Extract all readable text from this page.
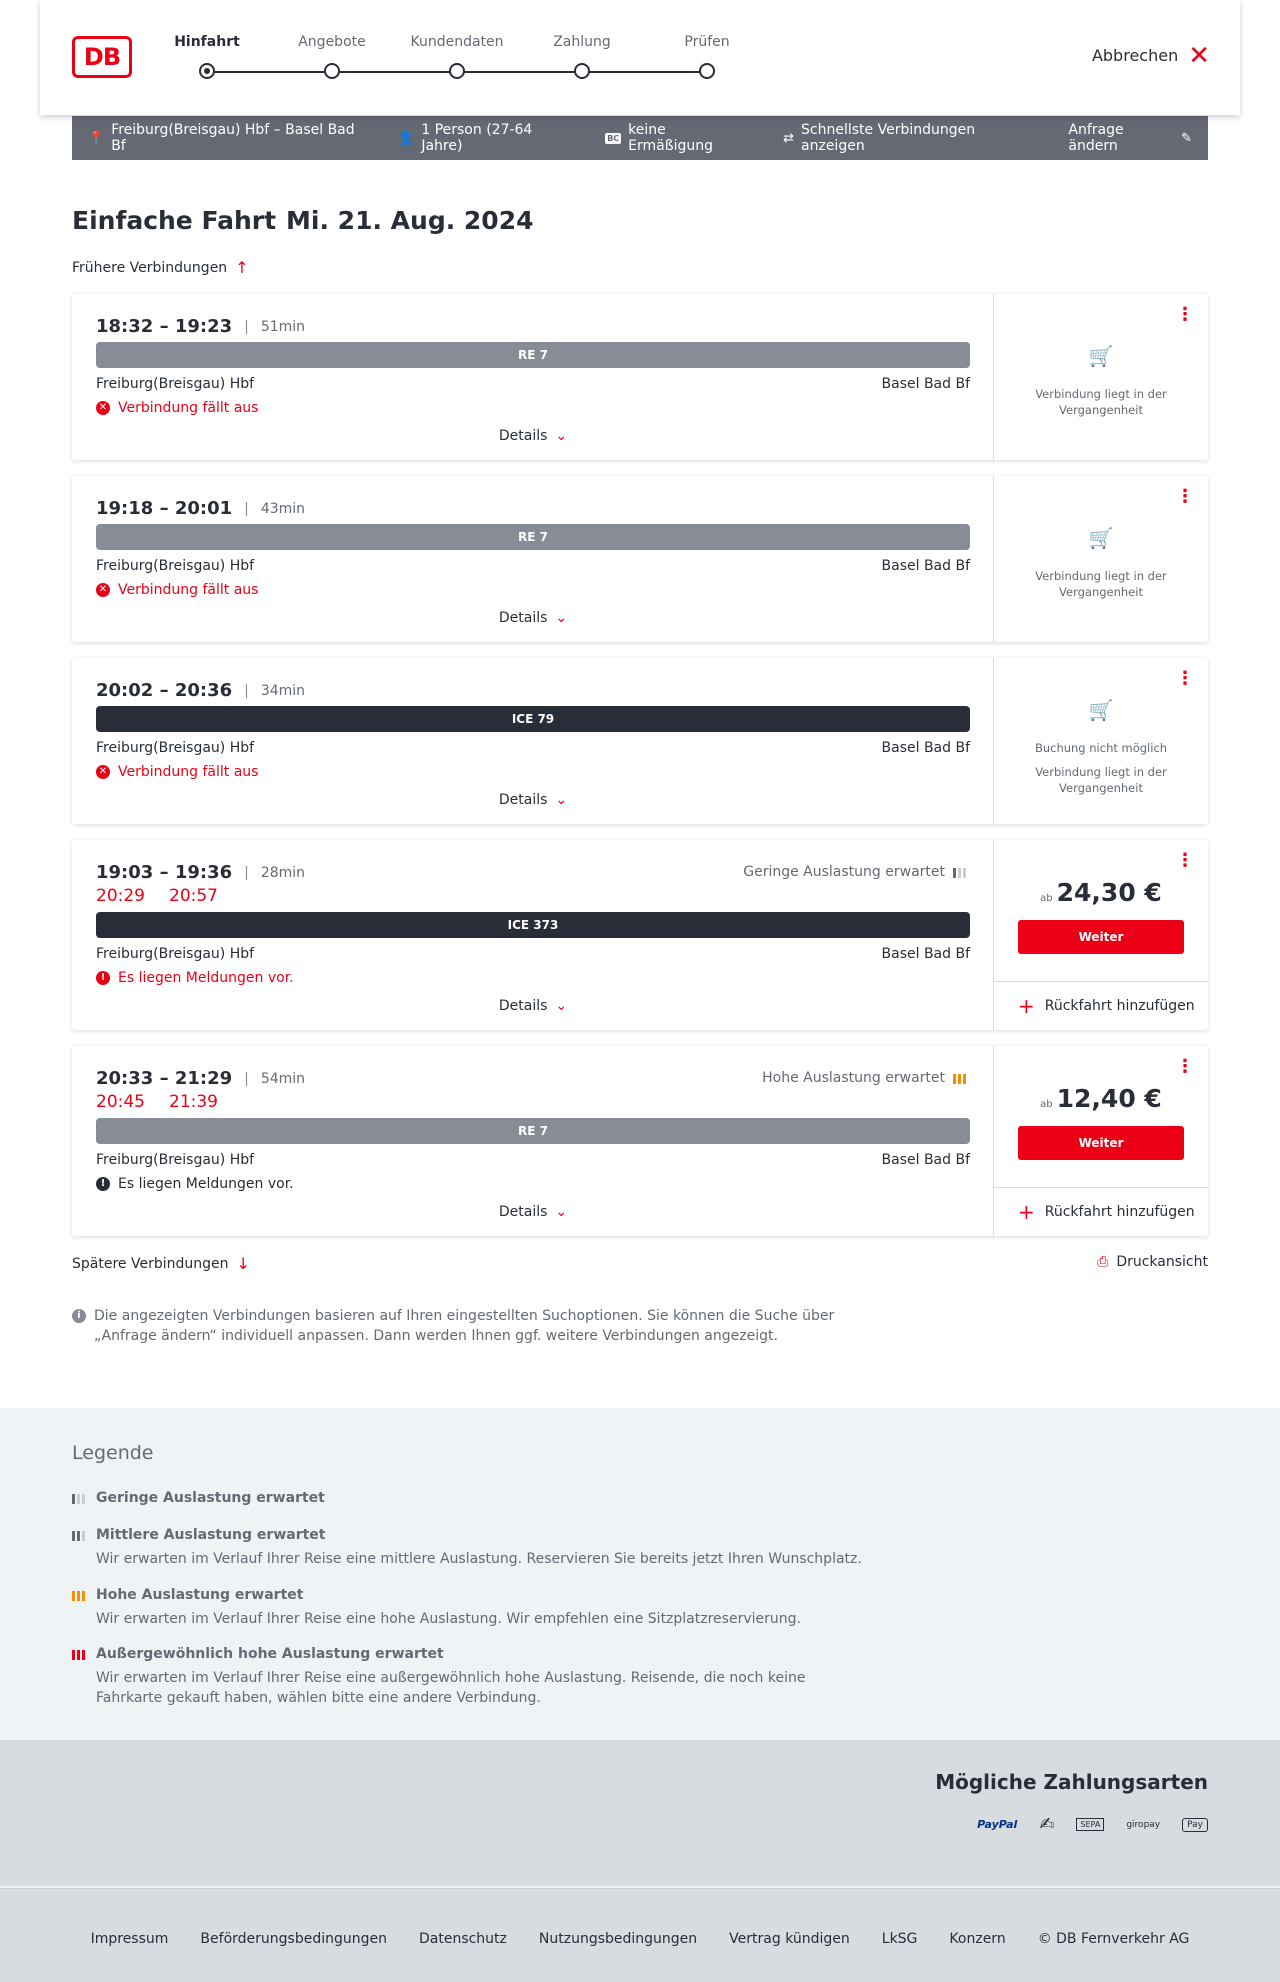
DB
Hinfahrt	Angebote	Kundendaten	Zahlung	Prüfen
Abbrechen ✕
📍 Freiburg(Breisgau) Hbf – Basel Bad Bf	👤 1 Person (27-64 Jahre)	BC keine Ermäßigung	⇄ Schnellste Verbindungen anzeigen
Anfrage ändern	✎
Einfache Fahrt Mi. 21. Aug. 2024
Frühere Verbindungen ↑
18:32 – 19:23 | 51min
RE 7
Freiburg(Breisgau) Hbf	Basel Bad Bf
✕ Verbindung fällt aus
Details ⌄
⋮
🛒
Verbindung liegt in der Vergangenheit
19:18 – 20:01 | 43min
RE 7
Freiburg(Breisgau) Hbf	Basel Bad Bf
✕ Verbindung fällt aus
Details ⌄
⋮
🛒
Verbindung liegt in der Vergangenheit
20:02 – 20:36 | 34min
ICE 79
Freiburg(Breisgau) Hbf	Basel Bad Bf
✕ Verbindung fällt aus
Details ⌄
⋮
🛒
Buchung nicht möglich
Verbindung liegt in der Vergangenheit
19:03 – 19:36 | 28min	Geringe Auslastung erwartet
20:29 20:57
ICE 373
Freiburg(Breisgau) Hbf	Basel Bad Bf
! Es liegen Meldungen vor.
Details ⌄
⋮
ab 24,30 €
Weiter
+ Rückfahrt hinzufügen
20:33 – 21:29 | 54min	Hohe Auslastung erwartet
20:45 21:39
RE 7
Freiburg(Breisgau) Hbf	Basel Bad Bf
! Es liegen Meldungen vor.
Details ⌄
⋮
ab 12,40 €
Weiter
+ Rückfahrt hinzufügen
Spätere Verbindungen ↓	⎙ Druckansicht
i Die angezeigten Verbindungen basieren auf Ihren eingestellten Suchoptionen. Sie können die Suche über „Anfrage ändern“ individuell anpassen. Dann werden Ihnen ggf. weitere Verbindungen angezeigt.
Legende
Geringe Auslastung erwartet
Mittlere Auslastung erwartet
Wir erwarten im Verlauf Ihrer Reise eine mittlere Auslastung. Reservieren Sie bereits jetzt Ihren Wunschplatz.
Hohe Auslastung erwartet
Wir erwarten im Verlauf Ihrer Reise eine hohe Auslastung. Wir empfehlen eine Sitzplatzreservierung.
Außergewöhnlich hohe Auslastung erwartet
Wir erwarten im Verlauf Ihrer Reise eine außergewöhnlich hohe Auslastung. Reisende, die noch keine Fahrkarte gekauft haben, wählen bitte eine andere Verbindung.
Mögliche Zahlungsarten
PayPal ✍	SEPA	giropay	Pay
Impressum Beförderungsbedingungen Datenschutz Nutzungsbedingungen Vertrag kündigen LkSG Konzern © DB Fernverkehr AG
